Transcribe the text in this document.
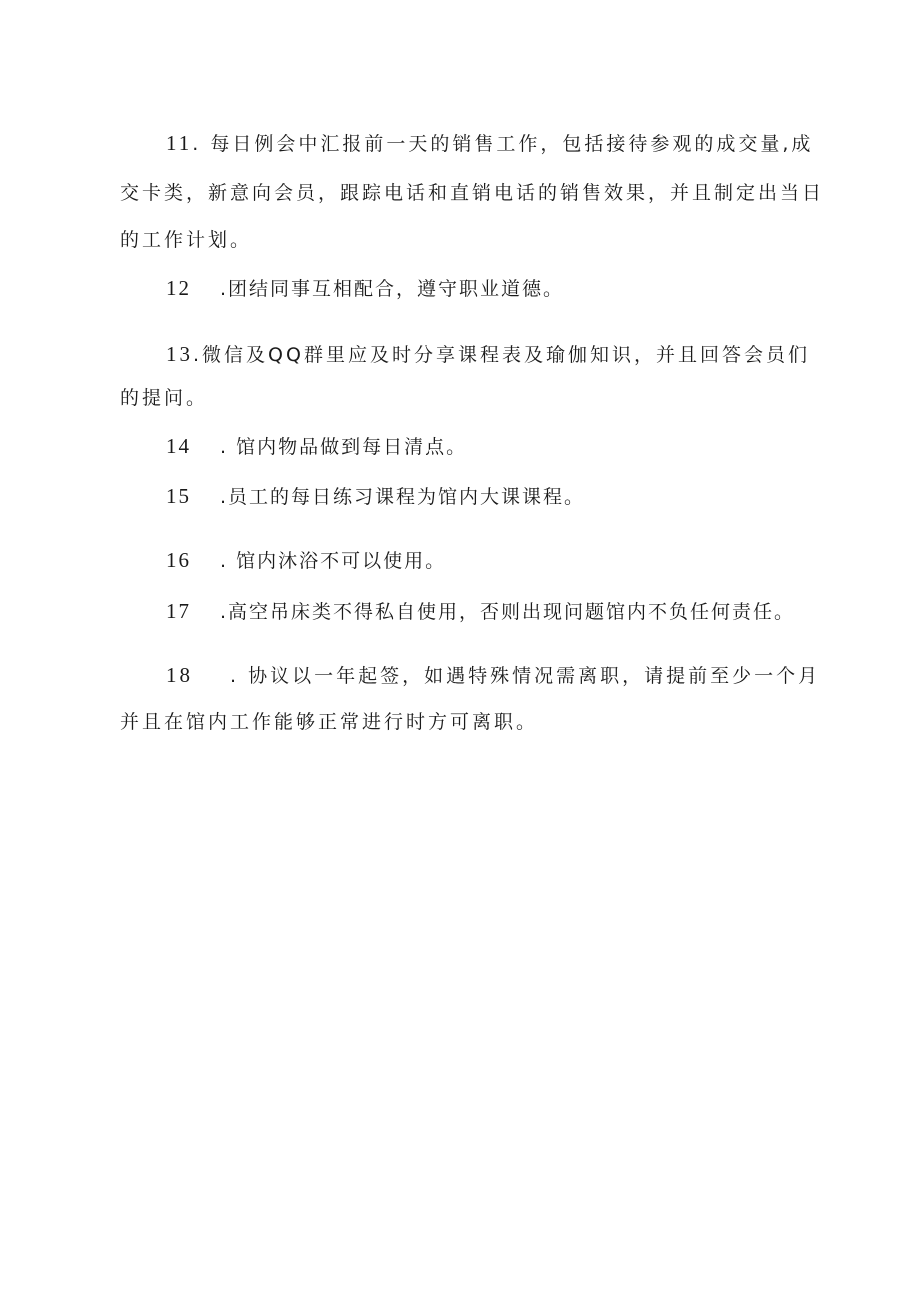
11. 每日例会中汇报前一天的销售工作，包括接待参观的成交量,成
交卡类，新意向会员，跟踪电话和直销电话的销售效果，并且制定出当日
的工作计划。
12 .团结同事互相配合，遵守职业道德。
13.微信及QQ群里应及时分享课程表及瑜伽知识，并且回答会员们
的提问。
14 . 馆内物品做到每日清点。
15 .员工的每日练习课程为馆内大课课程。
16 . 馆内沐浴不可以使用。
17 .高空吊床类不得私自使用，否则出现问题馆内不负任何责任。
18 . 协议以一年起签，如遇特殊情况需离职，请提前至少一个月
并且在馆内工作能够正常进行时方可离职。
